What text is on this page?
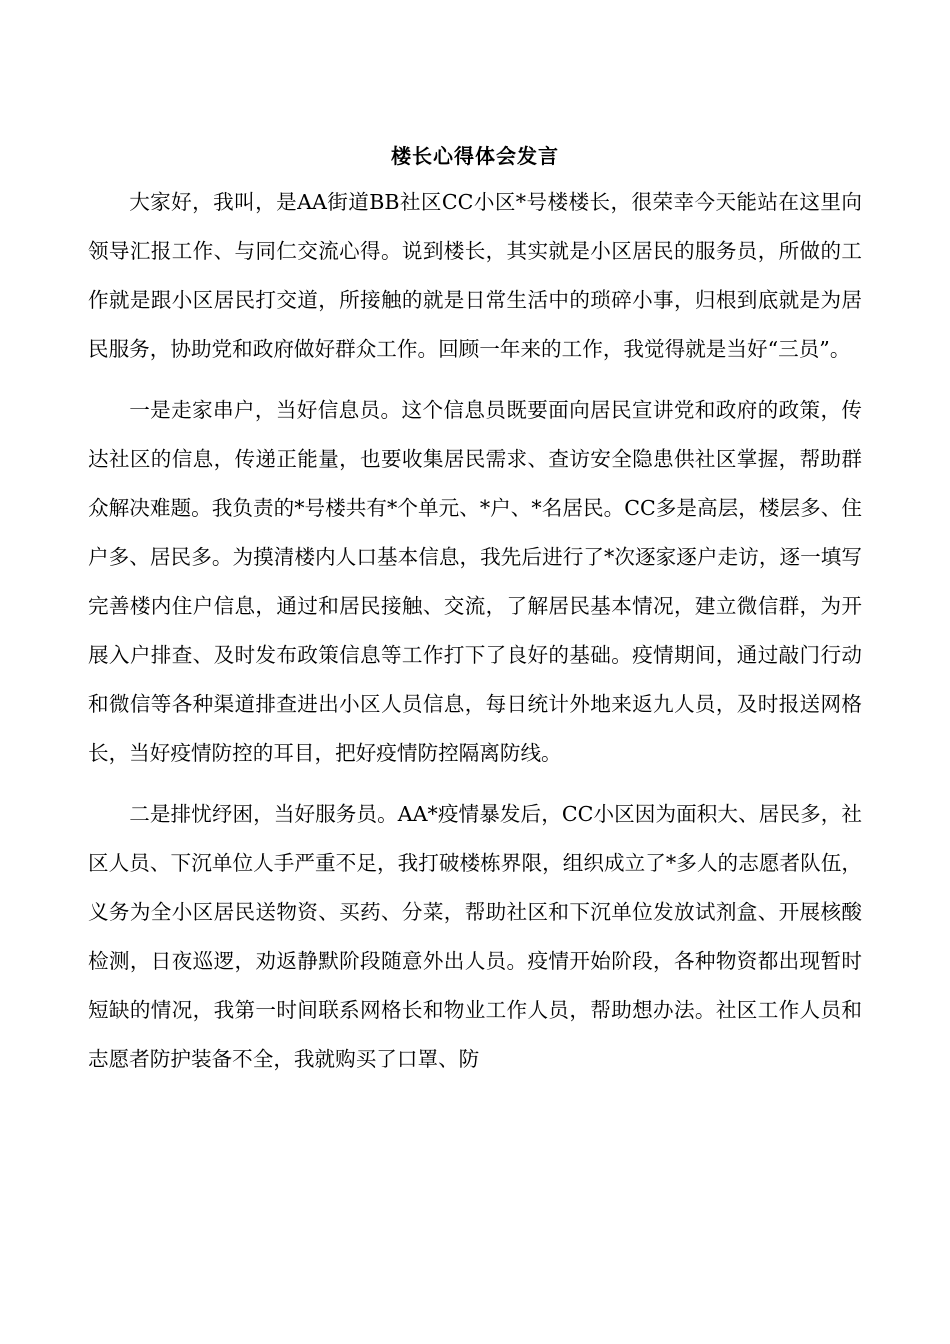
楼长心得体会发言

大家好，我叫，是AA街道BB社区CC小区*号楼楼长，很荣幸今天能站在这里向领导汇报工作、与同仁交流心得。说到楼长，其实就是小区居民的服务员，所做的工作就是跟小区居民打交道，所接触的就是日常生活中的琐碎小事，归根到底就是为居民服务，协助党和政府做好群众工作。回顾一年来的工作，我觉得就是当好“三员”。

一是走家串户，当好信息员。这个信息员既要面向居民宣讲党和政府的政策，传达社区的信息，传递正能量，也要收集居民需求、查访安全隐患供社区掌握，帮助群众解决难题。我负责的*号楼共有*个单元、*户、*名居民。CC多是高层，楼层多、住户多、居民多。为摸清楼内人口基本信息，我先后进行了*次逐家逐户走访，逐一填写完善楼内住户信息，通过和居民接触、交流，了解居民基本情况，建立微信群，为开展入户排查、及时发布政策信息等工作打下了良好的基础。疫情期间，通过敲门行动和微信等各种渠道排查进出小区人员信息，每日统计外地来返九人员，及时报送网格长，当好疫情防控的耳目，把好疫情防控隔离防线。

二是排忧纾困，当好服务员。AA*疫情暴发后，CC小区因为面积大、居民多，社区人员、下沉单位人手严重不足，我打破楼栋界限，组织成立了*多人的志愿者队伍，义务为全小区居民送物资、买药、分菜，帮助社区和下沉单位发放试剂盒、开展核酸检测，日夜巡逻，劝返静默阶段随意外出人员。疫情开始阶段，各种物资都出现暂时短缺的情况，我第一时间联系网格长和物业工作人员，帮助想办法。社区工作人员和志愿者防护装备不全，我就购买了口罩、防
